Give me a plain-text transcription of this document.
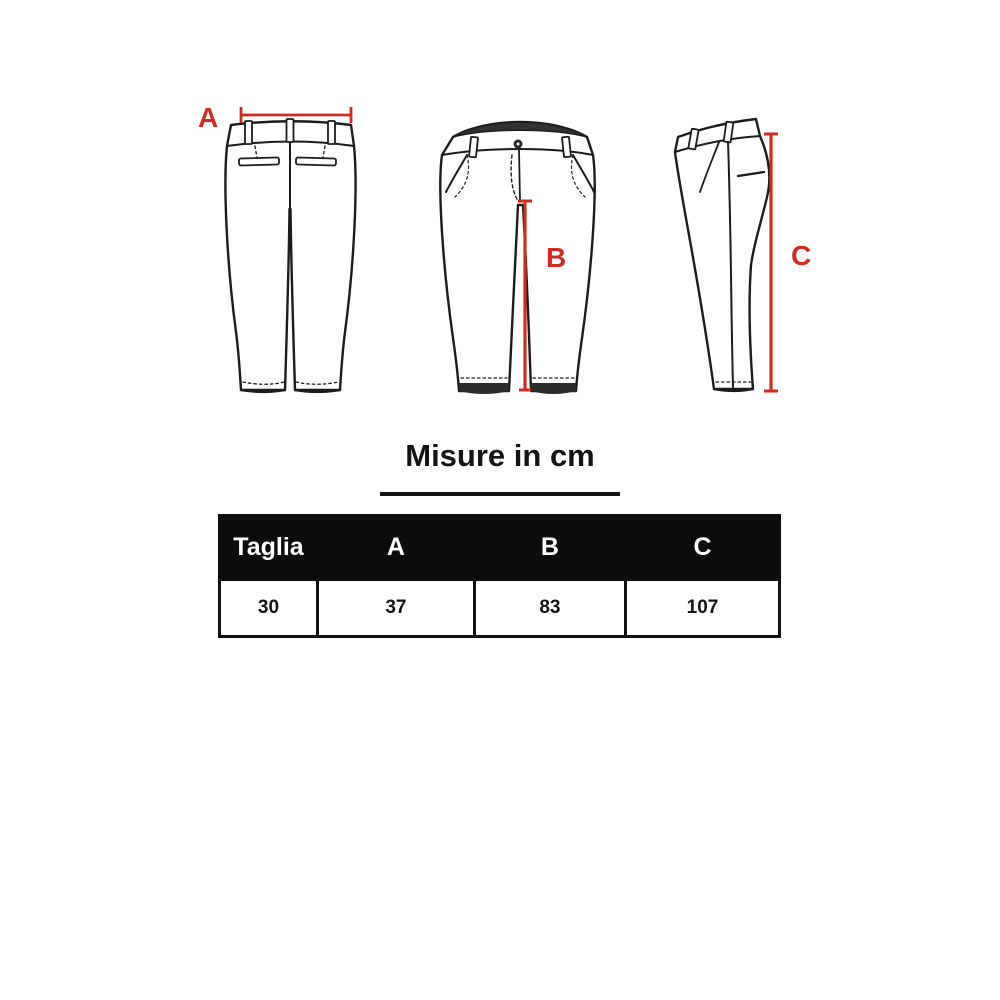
A
B	C
Misure in cm
Taglia	A	B	C
30	37	83	107
